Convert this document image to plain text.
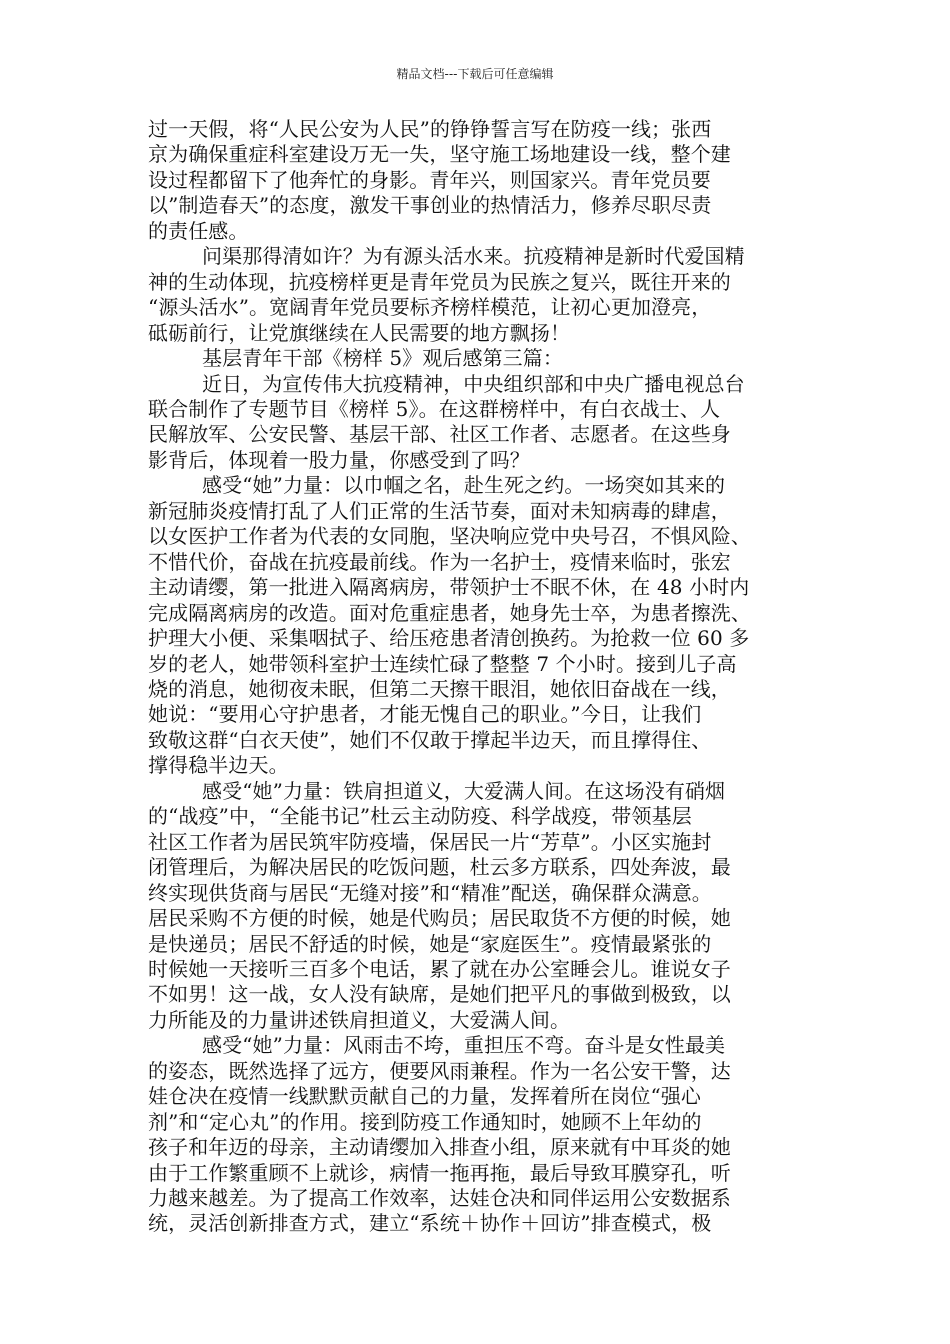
精品文档---下载后可任意编辑

过一天假，将“人民公安为人民”的铮铮誓言写在防疫一线；张西
京为确保重症科室建设万无一失，坚守施工场地建设一线，整个建
设过程都留下了他奔忙的身影。青年兴，则国家兴。青年党员要
以”制造春天”的态度，激发干事创业的热情活力，修养尽职尽责
的责任感。

问渠那得清如许？为有源头活水来。抗疫精神是新时代爱国精
神的生动体现，抗疫榜样更是青年党员为民族之复兴，既往开来的
“源头活水”。宽阔青年党员要标齐榜样模范，让初心更加澄亮，
砥砺前行，让党旗继续在人民需要的地方飘扬！

基层青年干部《榜样 5》观后感第三篇：

近日，为宣传伟大抗疫精神，中央组织部和中央广播电视总台
联合制作了专题节目《榜样 5》。在这群榜样中，有白衣战士、人
民解放军、公安民警、基层干部、社区工作者、志愿者。在这些身
影背后，体现着一股力量，你感受到了吗？

感受“她”力量：以巾帼之名，赴生死之约。一场突如其来的
新冠肺炎疫情打乱了人们正常的生活节奏，面对未知病毒的肆虐，
以女医护工作者为代表的女同胞，坚决响应党中央号召，不惧风险、
不惜代价，奋战在抗疫最前线。作为一名护士，疫情来临时，张宏
主动请缨，第一批进入隔离病房，带领护士不眠不休，在 48 小时内
完成隔离病房的改造。面对危重症患者，她身先士卒，为患者擦洗、
护理大小便、采集咽拭子、给压疮患者清创换药。为抢救一位 60 多
岁的老人，她带领科室护士连续忙碌了整整 7 个小时。接到儿子高
烧的消息，她彻夜未眠，但第二天擦干眼泪，她依旧奋战在一线，
她说：“要用心守护患者，才能无愧自己的职业。”今日，让我们
致敬这群“白衣天使”，她们不仅敢于撑起半边天，而且撑得住、
撑得稳半边天。

感受“她”力量：铁肩担道义，大爱满人间。在这场没有硝烟
的“战疫”中，“全能书记”杜云主动防疫、科学战疫，带领基层
社区工作者为居民筑牢防疫墙，保居民一片“芳草”。小区实施封
闭管理后，为解决居民的吃饭问题，杜云多方联系，四处奔波，最
终实现供货商与居民“无缝对接”和“精准”配送，确保群众满意。
居民采购不方便的时候，她是代购员；居民取货不方便的时候，她
是快递员；居民不舒适的时候，她是“家庭医生”。疫情最紧张的
时候她一天接听三百多个电话，累了就在办公室睡会儿。谁说女子
不如男！这一战，女人没有缺席，是她们把平凡的事做到极致，以
力所能及的力量讲述铁肩担道义，大爱满人间。

感受“她”力量：风雨击不垮，重担压不弯。奋斗是女性最美
的姿态，既然选择了远方，便要风雨兼程。作为一名公安干警，达
娃仓决在疫情一线默默贡献自己的力量，发挥着所在岗位“强心
剂”和“定心丸”的作用。接到防疫工作通知时，她顾不上年幼的
孩子和年迈的母亲，主动请缨加入排查小组，原来就有中耳炎的她
由于工作繁重顾不上就诊，病情一拖再拖，最后导致耳膜穿孔，听
力越来越差。为了提高工作效率，达娃仓决和同伴运用公安数据系
统，灵活创新排查方式，建立“系统＋协作＋回访”排查模式，极
